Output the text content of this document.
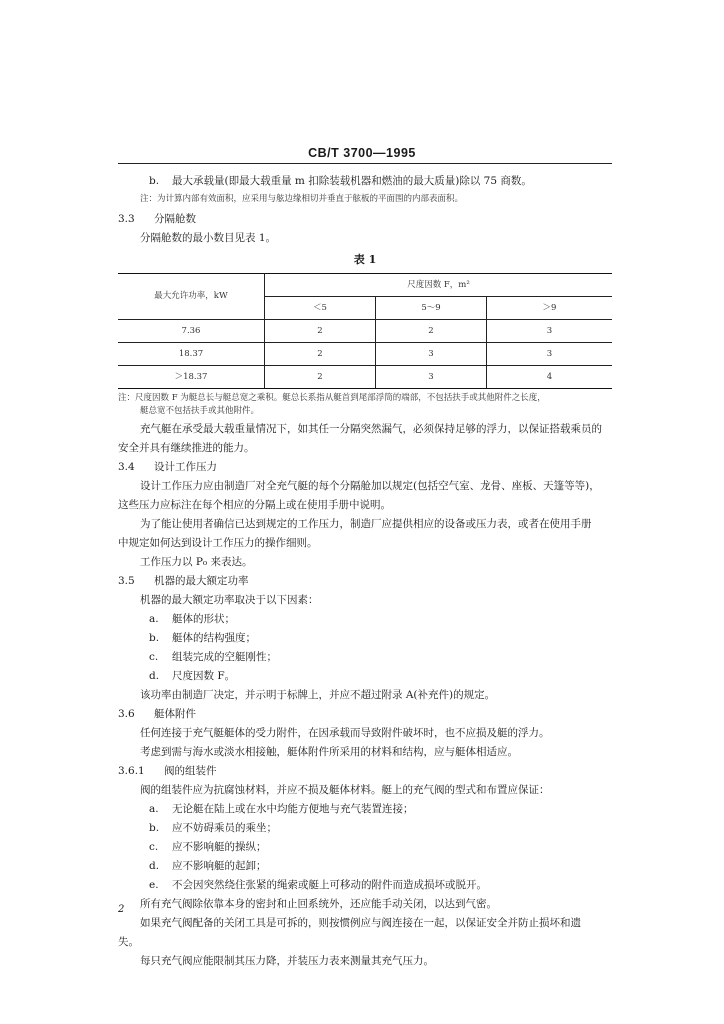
CB/T 3700—1995
b. 最大承载量(即最大载重量 m 扣除装载机器和燃油的最大质量)除以 75 商数。
注：为计算内部有效面积，应采用与舷边缘相切并垂直于舷板的平面围的内部表面积。
3.3 分隔舱数
分隔舱数的最小数目见表 1。
表 1
最大允许功率，kW	尺度因数 F，m²		
	＜5	5～9	＞9
7.36	2	2	3
18.37	2	3	3
＞18.37	2	3	4
注：尺度因数 F 为艇总长与艇总宽之乘积。艇总长系指从艇首到尾部浮筒的端部，不包括扶手或其他附件之长度，
艇总宽不包括扶手或其他附件。
充气艇在承受最大载重量情况下，如其任一分隔突然漏气，必须保持足够的浮力，以保证搭载乘员的
安全并具有继续推进的能力。
3.4 设计工作压力
设计工作压力应由制造厂对全充气艇的每个分隔舱加以规定(包括空气室、龙骨、座板、天篷等等)，
这些压力应标注在每个相应的分隔上或在使用手册中说明。
为了能让使用者确信已达到规定的工作压力，制造厂应提供相应的设备或压力表，或者在使用手册
中规定如何达到设计工作压力的操作细则。
工作压力以 P₀ 来表达。
3.5 机器的最大额定功率
机器的最大额定功率取决于以下因素：
a. 艇体的形状；
b. 艇体的结构强度；
c. 组装完成的空艇刚性；
d. 尺度因数 F。
该功率由制造厂决定，并示明于标牌上，并应不超过附录 A(补充件)的规定。
3.6 艇体附件
任何连接于充气艇艇体的受力附件，在因承载而导致附件破坏时，也不应损及艇的浮力。
考虑到需与海水或淡水相接触，艇体附件所采用的材料和结构，应与艇体相适应。
3.6.1 阀的组装件
阀的组装件应为抗腐蚀材料，并应不损及艇体材料。艇上的充气阀的型式和布置应保证：
a. 无论艇在陆上或在水中均能方便地与充气装置连接；
b. 应不妨碍乘员的乘坐；
c. 应不影响艇的操纵；
d. 应不影响艇的起卸；
e. 不会因突然绕住张紧的绳索或艇上可移动的附件而造成损坏或脱开。
所有充气阀除依靠本身的密封和止回系统外，还应能手动关闭，以达到气密。
如果充气阀配备的关闭工具是可拆的，则按惯例应与阀连接在一起，以保证安全并防止损坏和遗
失。
每只充气阀应能限制其压力降，并装压力表来测量其充气压力。
2
